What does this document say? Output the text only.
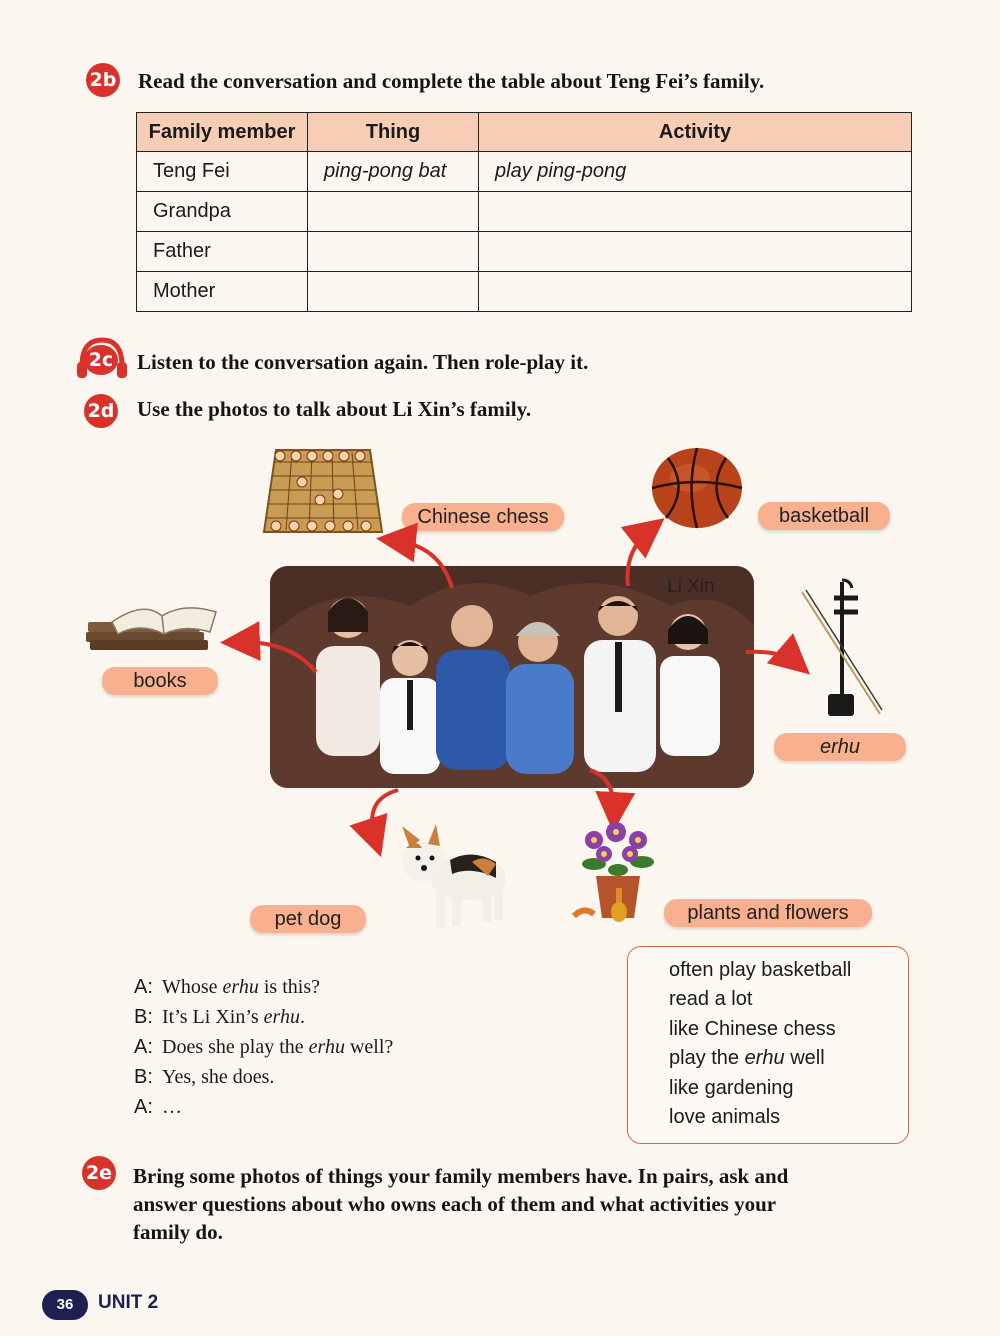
2b Read the conversation and complete the table about Teng Fei’s family.
Family member	Thing	Activity
Teng Fei	ping-pong bat	play ping-pong
Grandpa		
Father		
Mother		
2c Listen to the conversation again. Then role-play it.
2d Use the photos to talk about Li Xin’s family.
Chinese chess	basketball
books
erhu
Li Xin
pet dog	plants and flowers
A: Whose erhu is this?
B: It’s Li Xin’s erhu.
A: Does she play the erhu well?
B: Yes, she does.
A: …
often play basketball
read a lot
like Chinese chess
play the erhu well
like gardening
love animals
2e Bring some photos of things your family members have. In pairs, ask and
answer questions about who owns each of them and what activities your
family do.
36	UNIT 2
